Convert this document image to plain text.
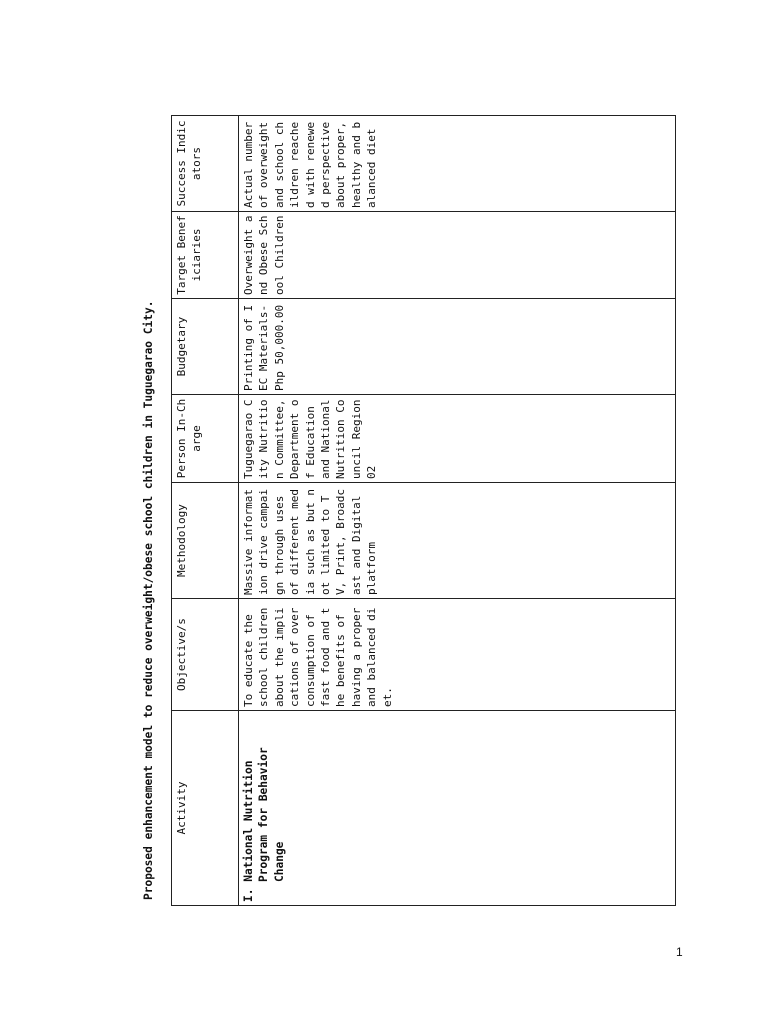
Proposed enhancement model to reduce overweight/obese school children in Tuguegarao City. Activity	Objective/s	Methodology	Person In-Charge	Budgetary	Target Beneficiaries	Success Indicators

I. National Nutrition Program for Behavior Change	To educate the school children about the implications of over consumption of fast food and the benefits of having a proper and balanced diet.	Massive information drive campaign through uses of different media such as but not limited to TV, Print, Broadcast and Digital platform	Tuguegarao City Nutrition Committee, Department of Education and National Nutrition Council Region 02	Printing of IEC Materials- Php 50,000.00	Overweight and Obese School Children	Actual number of overweight and school children reached with renewed perspective about proper, healthy and balanced diet
1
